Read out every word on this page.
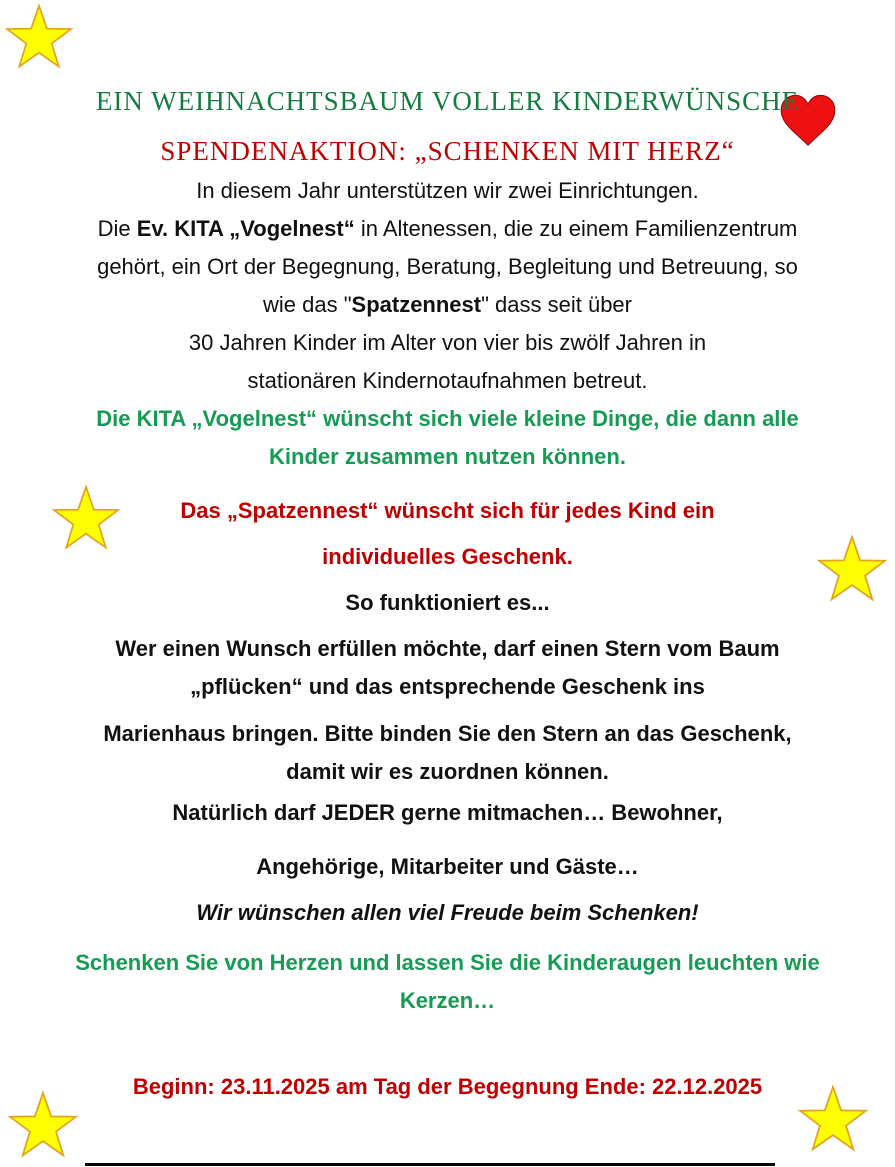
EIN WEIHNACHTSBAUM VOLLER KINDERWÜNSCHE
SPENDENAKTION: „SCHENKEN MIT HERZ“
In diesem Jahr unterstützen wir zwei Einrichtungen.
Die Ev. KITA „Vogelnest“ in Altenessen, die zu einem Familienzentrum
gehört, ein Ort der Begegnung, Beratung, Begleitung und Betreuung, so
wie das "Spatzennest" dass seit über
30 Jahren Kinder im Alter von vier bis zwölf Jahren in
stationären Kindernotaufnahmen betreut.
Die KITA „Vogelnest“ wünscht sich viele kleine Dinge, die dann alle
Kinder zusammen nutzen können.
Das „Spatzennest“ wünscht sich für jedes Kind ein
individuelles Geschenk.
So funktioniert es...
Wer einen Wunsch erfüllen möchte, darf einen Stern vom Baum
„pflücken“ und das entsprechende Geschenk ins
Marienhaus bringen. Bitte binden Sie den Stern an das Geschenk,
damit wir es zuordnen können.
Natürlich darf JEDER gerne mitmachen… Bewohner,
Angehörige, Mitarbeiter und Gäste…
Wir wünschen allen viel Freude beim Schenken!
Schenken Sie von Herzen und lassen Sie die Kinderaugen leuchten wie
Kerzen…
Beginn: 23.11.2025 am Tag der Begegnung Ende: 22.12.2025
